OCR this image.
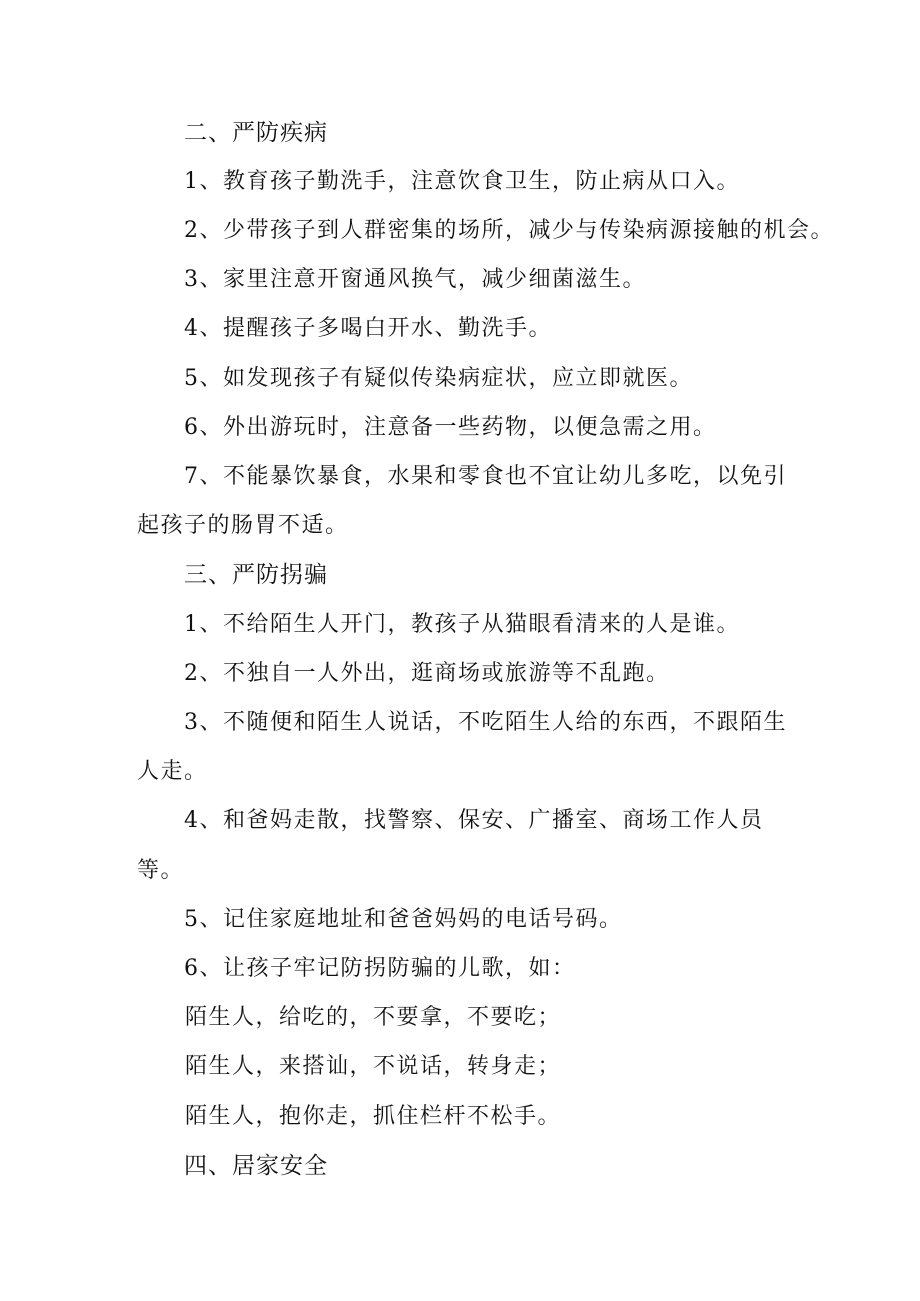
二、严防疾病
1、教育孩子勤洗手，注意饮食卫生，防止病从口入。
2、少带孩子到人群密集的场所，减少与传染病源接触的机会。
3、家里注意开窗通风换气，减少细菌滋生。
4、提醒孩子多喝白开水、勤洗手。
5、如发现孩子有疑似传染病症状，应立即就医。
6、外出游玩时，注意备一些药物，以便急需之用。
7、不能暴饮暴食，水果和零食也不宜让幼儿多吃，以免引
起孩子的肠胃不适。
三、严防拐骗
1、不给陌生人开门，教孩子从猫眼看清来的人是谁。
2、不独自一人外出，逛商场或旅游等不乱跑。
3、不随便和陌生人说话，不吃陌生人给的东西，不跟陌生
人走。
4、和爸妈走散，找警察、保安、广播室、商场工作人员
等。
5、记住家庭地址和爸爸妈妈的电话号码。
6、让孩子牢记防拐防骗的儿歌，如：
陌生人，给吃的，不要拿，不要吃；
陌生人，来搭讪，不说话，转身走；
陌生人，抱你走，抓住栏杆不松手。
四、居家安全
